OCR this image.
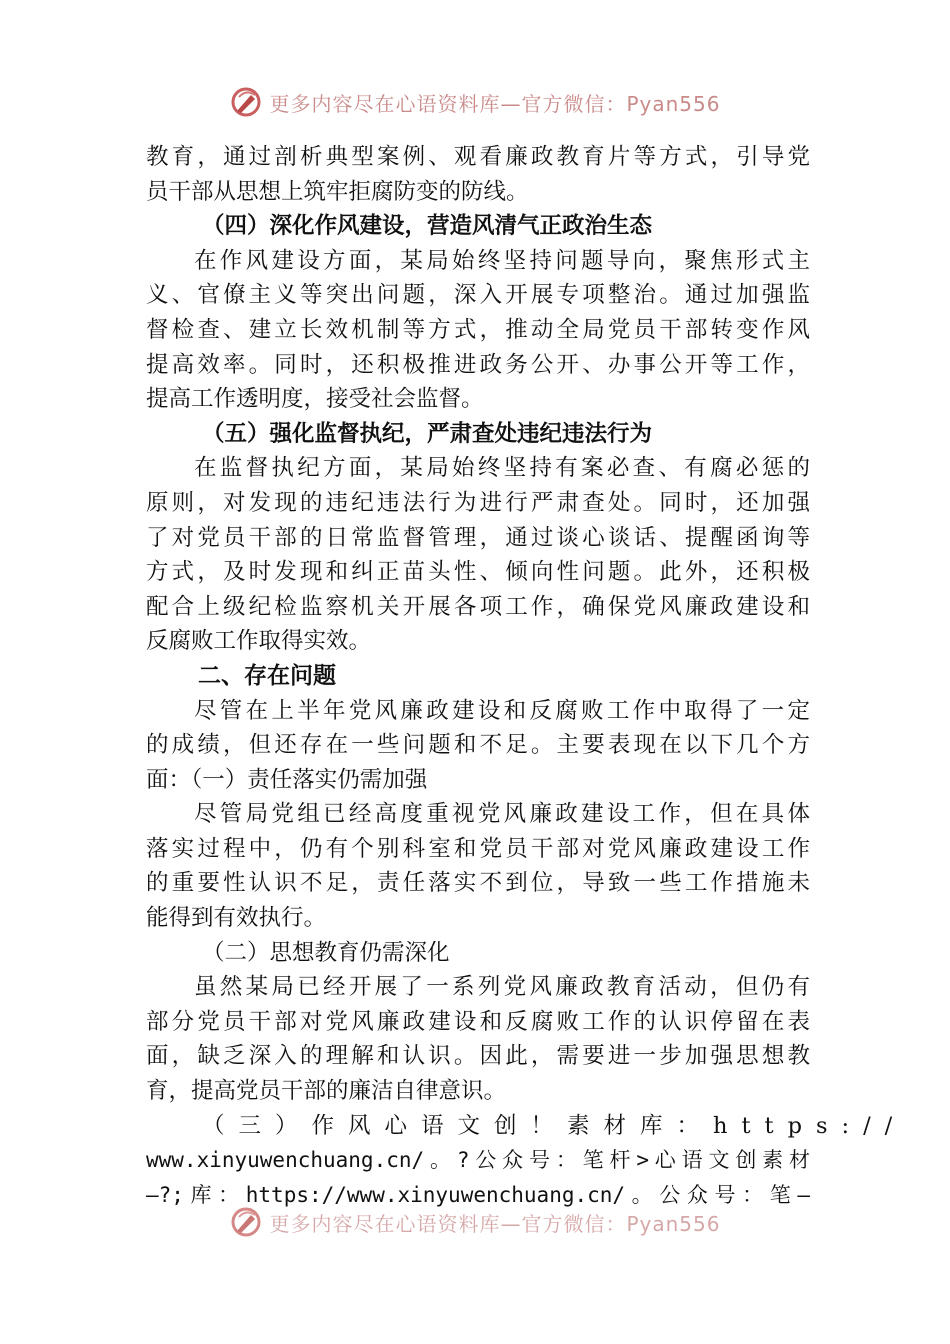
更多内容尽在心语资料库—官方微信：Pyan556
教育，通过剖析典型案例、观看廉政教育片等方式，引导党
员干部从思想上筑牢拒腐防变的防线。
（四）深化作风建设，营造风清气正政治生态
在作风建设方面，某局始终坚持问题导向，聚焦形式主
义、官僚主义等突出问题，深入开展专项整治。通过加强监
督检查、建立长效机制等方式，推动全局党员干部转变作风
提高效率。同时，还积极推进政务公开、办事公开等工作，
提高工作透明度，接受社会监督。
（五）强化监督执纪，严肃查处违纪违法行为
在监督执纪方面，某局始终坚持有案必查、有腐必惩的
原则，对发现的违纪违法行为进行严肃查处。同时，还加强
了对党员干部的日常监督管理，通过谈心谈话、提醒函询等
方式，及时发现和纠正苗头性、倾向性问题。此外，还积极
配合上级纪检监察机关开展各项工作，确保党风廉政建设和
反腐败工作取得实效。
二、存在问题
尽管在上半年党风廉政建设和反腐败工作中取得了一定
的成绩，但还存在一些问题和不足。主要表现在以下几个方
面：（一）责任落实仍需加强
尽管局党组已经高度重视党风廉政建设工作，但在具体
落实过程中，仍有个别科室和党员干部对党风廉政建设工作
的重要性认识不足，责任落实不到位，导致一些工作措施未
能得到有效执行。
（二）思想教育仍需深化
虽然某局已经开展了一系列党风廉政教育活动，但仍有
部分党员干部对党风廉政建设和反腐败工作的认识停留在表
面，缺乏深入的理解和认识。因此，需要进一步加强思想教
育，提高党员干部的廉洁自律意识。
（三）作风心语文创！素材库：https://
www.xinyuwenchuang.cn/。?公众号：笔杆>心语文创素材
—?;库：https://www.xinyuwenchuang.cn/。公众号：笔—
更多内容尽在心语资料库—官方微信：Pyan556
